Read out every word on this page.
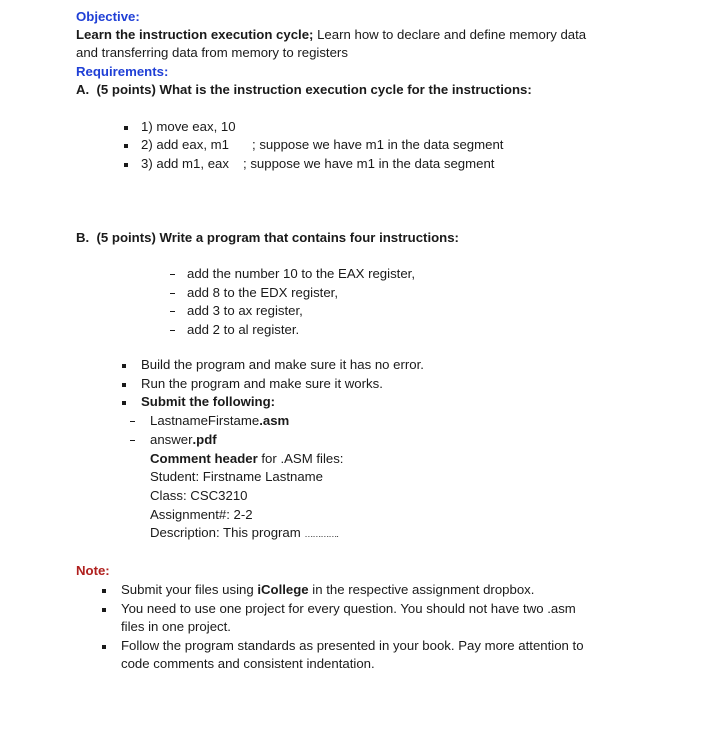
Objective:
Learn the instruction execution cycle; Learn how to declare and define memory data
and transferring data from memory to registers
Requirements:
A. (5 points) What is the instruction execution cycle for the instructions:
1) move eax, 10
2) add eax, m1 ; suppose we have m1 in the data segment
3) add m1, eax ; suppose we have m1 in the data segment
B. (5 points) Write a program that contains four instructions:
add the number 10 to the EAX register,
add 8 to the EDX register,
add 3 to ax register,
add 2 to al register.
Build the program and make sure it has no error.
Run the program and make sure it works.
Submit the following:
LastnameFirstame.asm
answer.pdf
Comment header for .ASM files:
Student: Firstname Lastname
Class: CSC3210
Assignment#: 2-2
Description: This program ………….
Note:
Submit your files using iCollege in the respective assignment dropbox.
You need to use one project for every question. You should not have two .asm
files in one project.
Follow the program standards as presented in your book. Pay more attention to
code comments and consistent indentation.
